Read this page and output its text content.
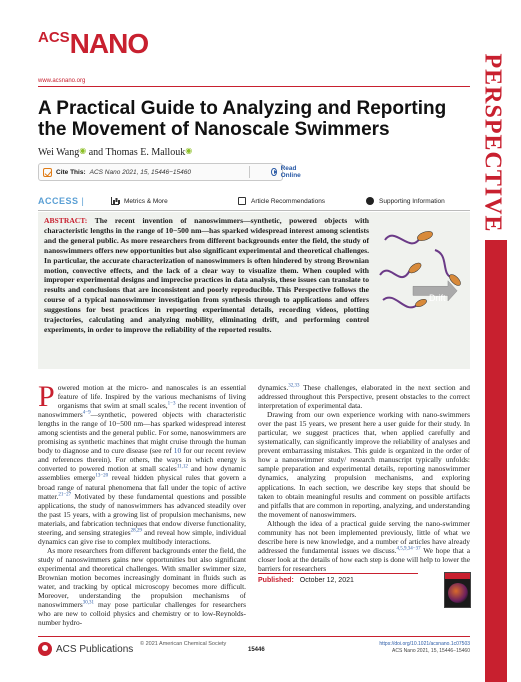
$^{ACS}$NANO
www.acsnano.org	PERSPECTIVE
A Practical Guide to Analyzing and Reporting the Movement of Nanoscale Swimmers
Wei Wang◉ and Thomas E. Mallouk◉
Cite This: ACS Nano 2021, 15, 15446−15460	Read Online
ACCESS |	Metrics & More	Article Recommendations	Supporting Information
ABSTRACT: The recent invention of nanoswimmers—synthetic, powered objects with characteristic lengths in the range of 10−500 nm—has sparked widespread interest among scientists and the general public. As more researchers from different backgrounds enter the field, the study of nanoswimmers offers new opportunities but also significant experimental and theoretical challenges. In particular, the accurate characterization of nanoswimmers is often hindered by strong Brownian motion, convective effects, and the lack of a clear way to visualize them. When coupled with improper experimental designs and imprecise practices in data analysis, these issues can translate to results and conclusions that are inconsistent and poorly reproducible. This Perspective follows the course of a typical nanoswimmer investigation from synthesis through to applications and offers suggestions for best practices in reporting experimental details, recording videos, plotting trajectories, calculating and analyzing mobility, eliminating drift, and performing control experiments, in order to improve the reliability of the reported results.
Drift

Powered motion at the micro- and nanoscales is an essential feature of life. Inspired by the various mechanisms of living organisms that swim at small scales,$^{1-3}$ the recent invention of nanoswimmers$^{4-9}$—synthetic, powered objects with characteristic lengths in the range of 10−500 nm—has sparked widespread interest among scientists and the general public. For some, nanoswimmers are promising as synthetic machines that might cruise through the human body to diagnose and to cure disease (see ref 10 for our recent review and references therein). For others, the ways in which energy is converted to powered motion at small scales$^{11,12}$ and how dynamic assemblies emerge$^{13-20}$ reveal hidden physical rules that govern a broad range of natural phenomena that fall under the topic of active matter.$^{21-27}$ Motivated by these fundamental questions and possible applications, the study of nanoswimmers has advanced steadily over the past 15 years, with a growing list of propulsion mechanisms, new materials, and fabrication techniques that endow diverse functionality, steering, and sensing strategies$^{28,29}$ and reveal how simple, individual dynamics can give rise to complex multibody interactions.

As more researchers from different backgrounds enter the field, the study of nanoswimmers gains new opportunities but also significant experimental and theoretical challenges. With smaller swimmer size, Brownian motion becomes increasingly dominant in fluids such as water, and tracking by optical microscopy becomes more difficult. Moreover, understanding the propulsion mechanisms of nanoswimmers$^{30,31}$ may pose particular challenges for researchers who are new to colloid physics and chemistry or to low-Reynolds-number hydro-

dynamics.$^{32,33}$ These challenges, elaborated in the next section and addressed throughout this Perspective, present obstacles to the correct interpretation of experimental data.

Drawing from our own experience working with nano-swimmers over the past 15 years, we present here a user guide for their study. In particular, we suggest practices that, when applied carefully and systematically, can significantly improve the reliability of analyses and prevent embarrassing mistakes. This guide is organized in the order of how a nanoswimmer study/ research manuscript typically unfolds: sample preparation and experimental details, reporting nanoswimmer dynamics, analyzing propulsion mechanisms, and exploring applications. In each section, we describe key steps that should be taken to obtain meaningful results and comment on possible artifacts and pitfalls that are common in reporting, analyzing, and understanding the movement of nanoswimmers.

Although the idea of a practical guide serving the nano-swimmer community has not been implemented previously, little of what we describe here is new knowledge, and a number of articles have already addressed the fundamental issues we discuss.$^{4,5,9,34-37}$ We hope that a closer look at the details of how each step is done will help to lower the barriers for researchers

Published: October 12, 2021
ACS Publications © 2021 American Chemical Society
15446
https://doi.org/10.1021/acsnano.1c07503
ACS Nano 2021, 15, 15446−15460
